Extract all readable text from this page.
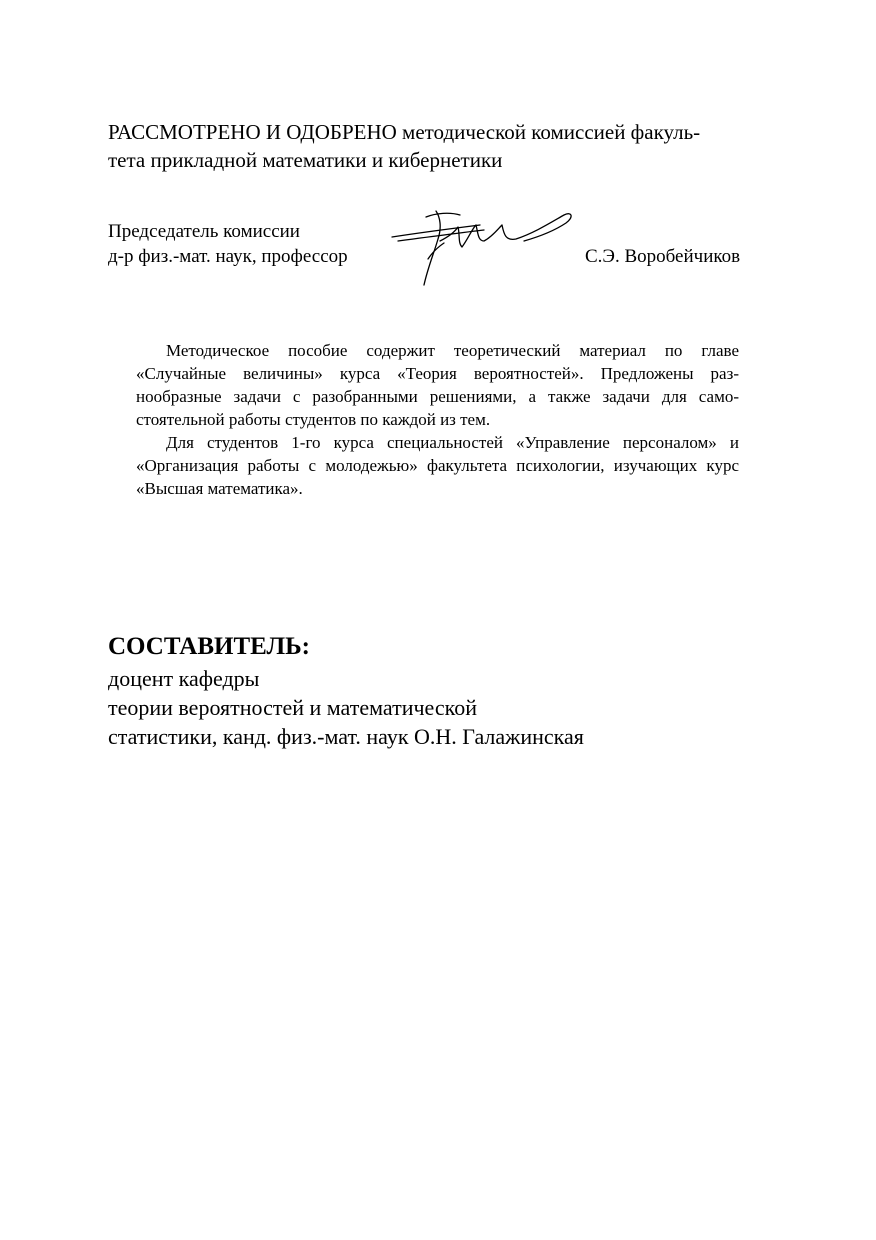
РАССМОТРЕНО И ОДОБРЕНО методической комиссией факуль-
тета прикладной математики и кибернетики
Председатель комиссии
д-р физ.-мат. наук, профессор	С.Э. Воробейчиков

Методическое пособие содержит теоретический материал по главе «Случайные величины» курса «Теория вероятностей». Предложены разнообразные задачи с разобранными решениями, а также задачи для самостоятельной работы студентов по каждой из тем.

Для студентов 1-го курса специальностей «Управление персоналом» и «Организация работы с молодежью» факультета психологии, изучающих курс «Высшая математика».

СОСТАВИТЕЛЬ:
доцент кафедры
теории вероятностей и математической
статистики, канд. физ.-мат. наук О.Н. Галажинская
